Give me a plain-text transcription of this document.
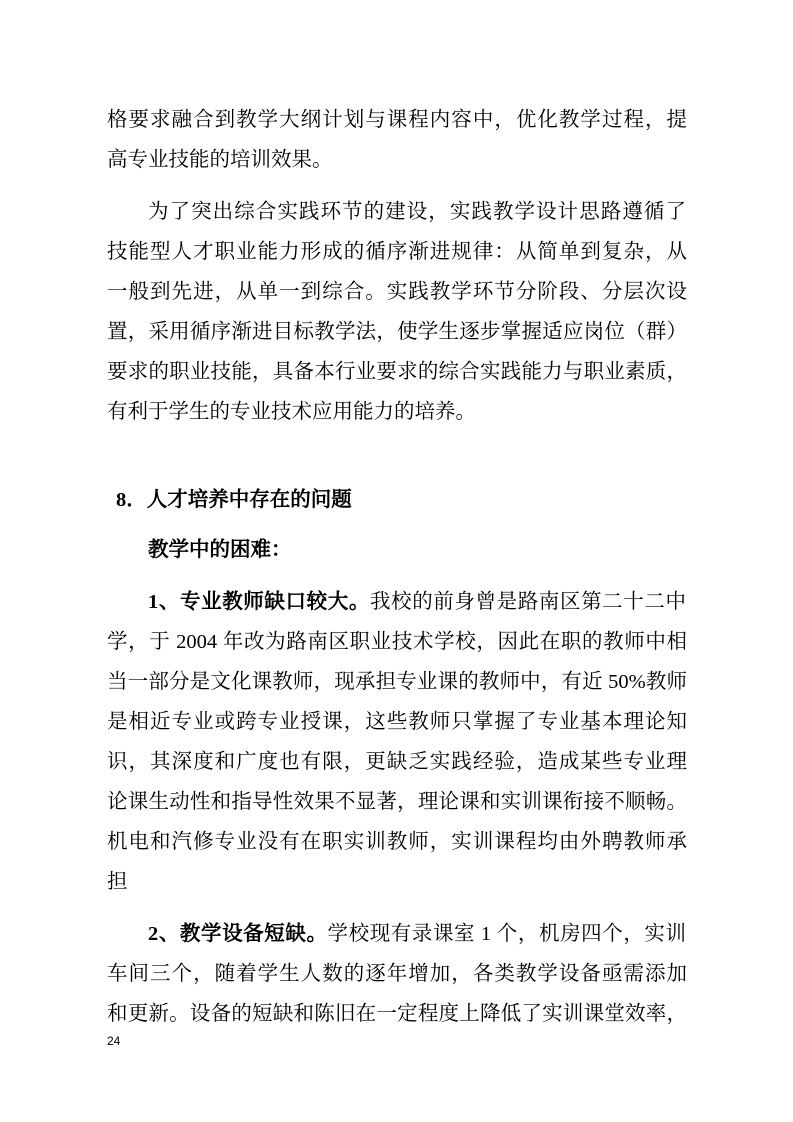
格要求融合到教学大纲计划与课程内容中，优化教学过程，提
高专业技能的培训效果。
为了突出综合实践环节的建设，实践教学设计思路遵循了
技能型人才职业能力形成的循序渐进规律：从简单到复杂，从
一般到先进，从单一到综合。实践教学环节分阶段、分层次设
置，采用循序渐进目标教学法，使学生逐步掌握适应岗位（群）
要求的职业技能，具备本行业要求的综合实践能力与职业素质，
有利于学生的专业技术应用能力的培养。
8．人才培养中存在的问题
教学中的困难：
1、专业教师缺口较大。我校的前身曾是路南区第二十二中
学，于 2004 年改为路南区职业技术学校，因此在职的教师中相
当一部分是文化课教师，现承担专业课的教师中，有近 50%教师
是相近专业或跨专业授课，这些教师只掌握了专业基本理论知
识，其深度和广度也有限，更缺乏实践经验，造成某些专业理
论课生动性和指导性效果不显著，理论课和实训课衔接不顺畅。
机电和汽修专业没有在职实训教师，实训课程均由外聘教师承
担
2、教学设备短缺。学校现有录课室 1 个，机房四个，实训
车间三个，随着学生人数的逐年增加，各类教学设备亟需添加
和更新。设备的短缺和陈旧在一定程度上降低了实训课堂效率，
24
